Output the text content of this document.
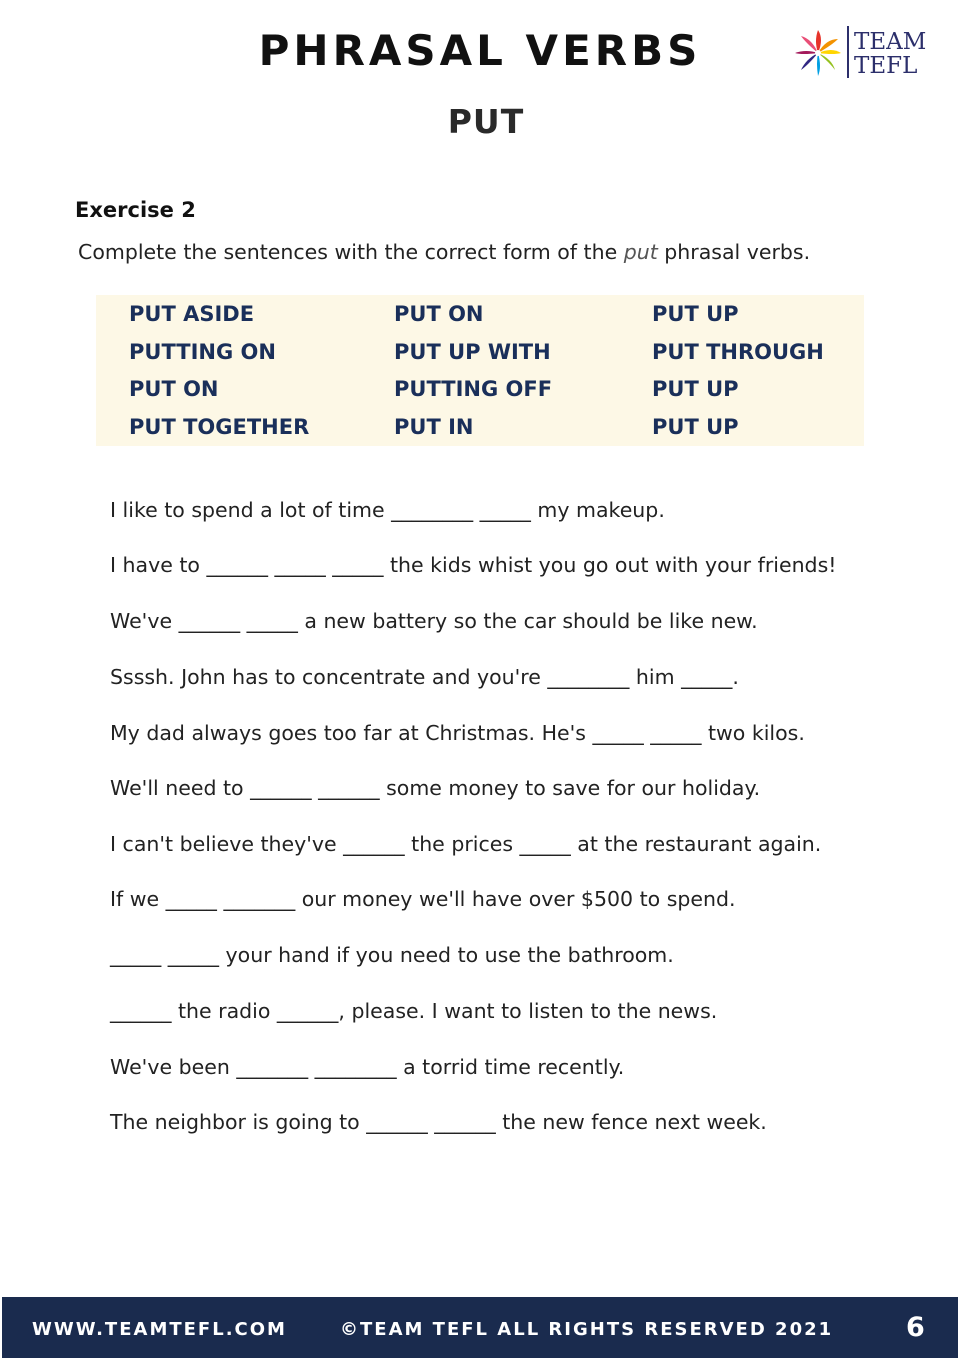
PHRASAL VERBS
PUT
TEAM
TEFL
Exercise 2
Complete the sentences with the correct form of the put phrasal verbs.
PUT ASIDE	PUT ON	PUT UP
PUTTING ON	PUT UP WITH	PUT THROUGH
PUT ON	PUTTING OFF	PUT UP
PUT TOGETHER	PUT IN	PUT UP
I like to spend a lot of time ________ _____ my makeup.
I have to ______ _____ _____ the kids whist you go out with your friends!
We've ______ _____ a new battery so the car should be like new.
Ssssh. John has to concentrate and you're ________ him _____.
My dad always goes too far at Christmas. He's _____ _____ two kilos.
We'll need to ______ ______ some money to save for our holiday.
I can't believe they've ______ the prices _____ at the restaurant again.
If we _____ _______ our money we'll have over $500 to spend.
_____ _____ your hand if you need to use the bathroom.
______ the radio ______, please. I want to listen to the news.
We've been _______ ________ a torrid time recently.
The neighbor is going to ______ ______ the new fence next week.
WWW.TEAMTEFL.COM	©TEAM TEFL ALL RIGHTS RESERVED 2021	6
